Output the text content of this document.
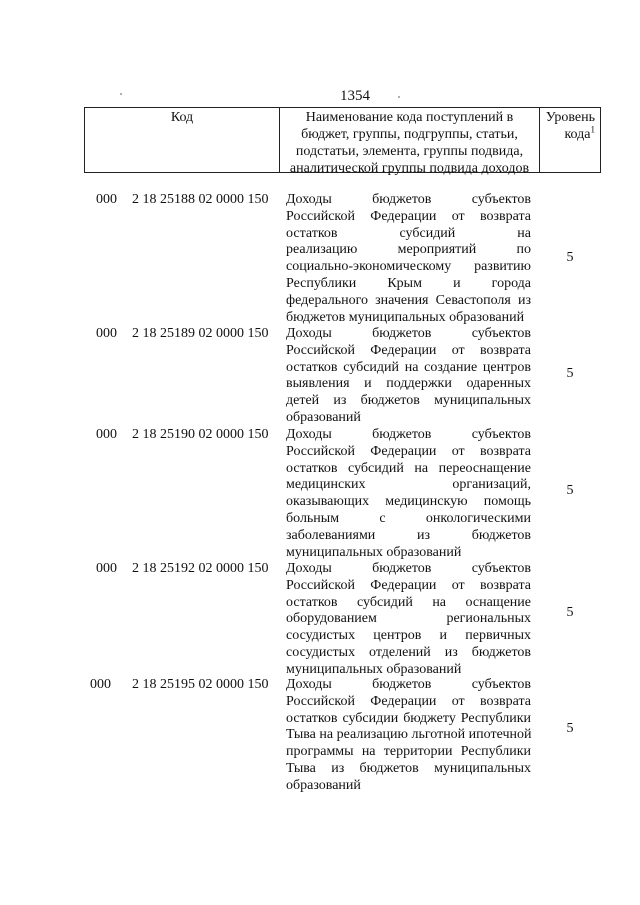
1354
Код	Наименование кода поступлений в
бюджет, группы, подгруппы, статьи,
подстатьи, элемента, группы подвида,
аналитической группы подвида доходов
Уровень
кода$^1$
000 2 18 25188 02 0000 150 Доходы бюджетов субъектов
Российской Федерации от возврата
остатков субсидий на
реализацию мероприятий по
социально-экономическому развитию
Республики Крым и города
федерального значения Севастополя из
бюджетов муниципальных образований
5
000 2 18 25189 02 0000 150 Доходы бюджетов субъектов
Российской Федерации от возврата
остатков субсидий на создание центров
выявления и поддержки одаренных
детей из бюджетов муниципальных
образований
5
000 2 18 25190 02 0000 150 Доходы бюджетов субъектов
Российской Федерации от возврата
остатков субсидий на переоснащение
медицинских организаций,
оказывающих медицинскую помощь
больным с онкологическими
заболеваниями из бюджетов
муниципальных образований
5
000 2 18 25192 02 0000 150 Доходы бюджетов субъектов
Российской Федерации от возврата
остатков субсидий на оснащение
оборудованием региональных
сосудистых центров и первичных
сосудистых отделений из бюджетов
муниципальных образований
5
000 2 18 25195 02 0000 150 Доходы бюджетов субъектов
Российской Федерации от возврата
остатков субсидии бюджету Республики
Тыва на реализацию льготной ипотечной
программы на территории Республики
Тыва из бюджетов муниципальных
образований
5
